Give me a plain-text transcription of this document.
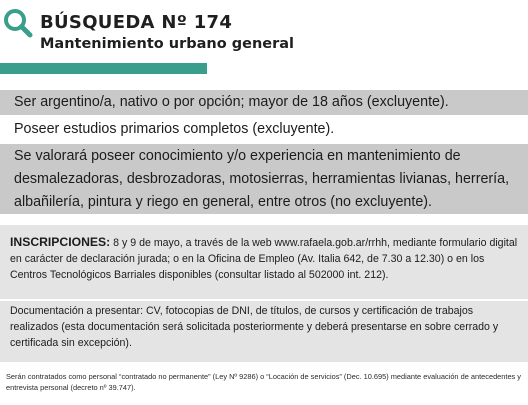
BÚSQUEDA Nº 174
Mantenimiento urbano general
Ser argentino/a, nativo o por opción; mayor de 18 años (excluyente).
Poseer estudios primarios completos (excluyente).
Se valorará poseer conocimiento y/o experiencia en mantenimiento de desmalezadoras, desbrozadoras, motosierras, herramientas livianas, herrería, albañilería, pintura y riego en general, entre otros (no excluyente).
INSCRIPCIONES: 8 y 9 de mayo, a través de la web www.rafaela.gob.ar/rrhh, mediante formulario digital en carácter de declaración jurada; o en la Oficina de Empleo (Av. Italia 642, de 7.30 a 12.30) o en los Centros Tecnológicos Barriales disponibles (consultar listado al 502000 int. 212).
Documentación a presentar: CV, fotocopias de DNI, de títulos, de cursos y certificación de trabajos realizados (esta documentación será solicitada posteriormente y deberá presentarse en sobre cerrado y certificada sin excepción).
Serán contratados como personal “contratado no permanente” (Ley Nº 9286) o “Locación de servicios” (Dec. 10.695) mediante evaluación de antecedentes y entrevista personal (decreto nº 39.747).
